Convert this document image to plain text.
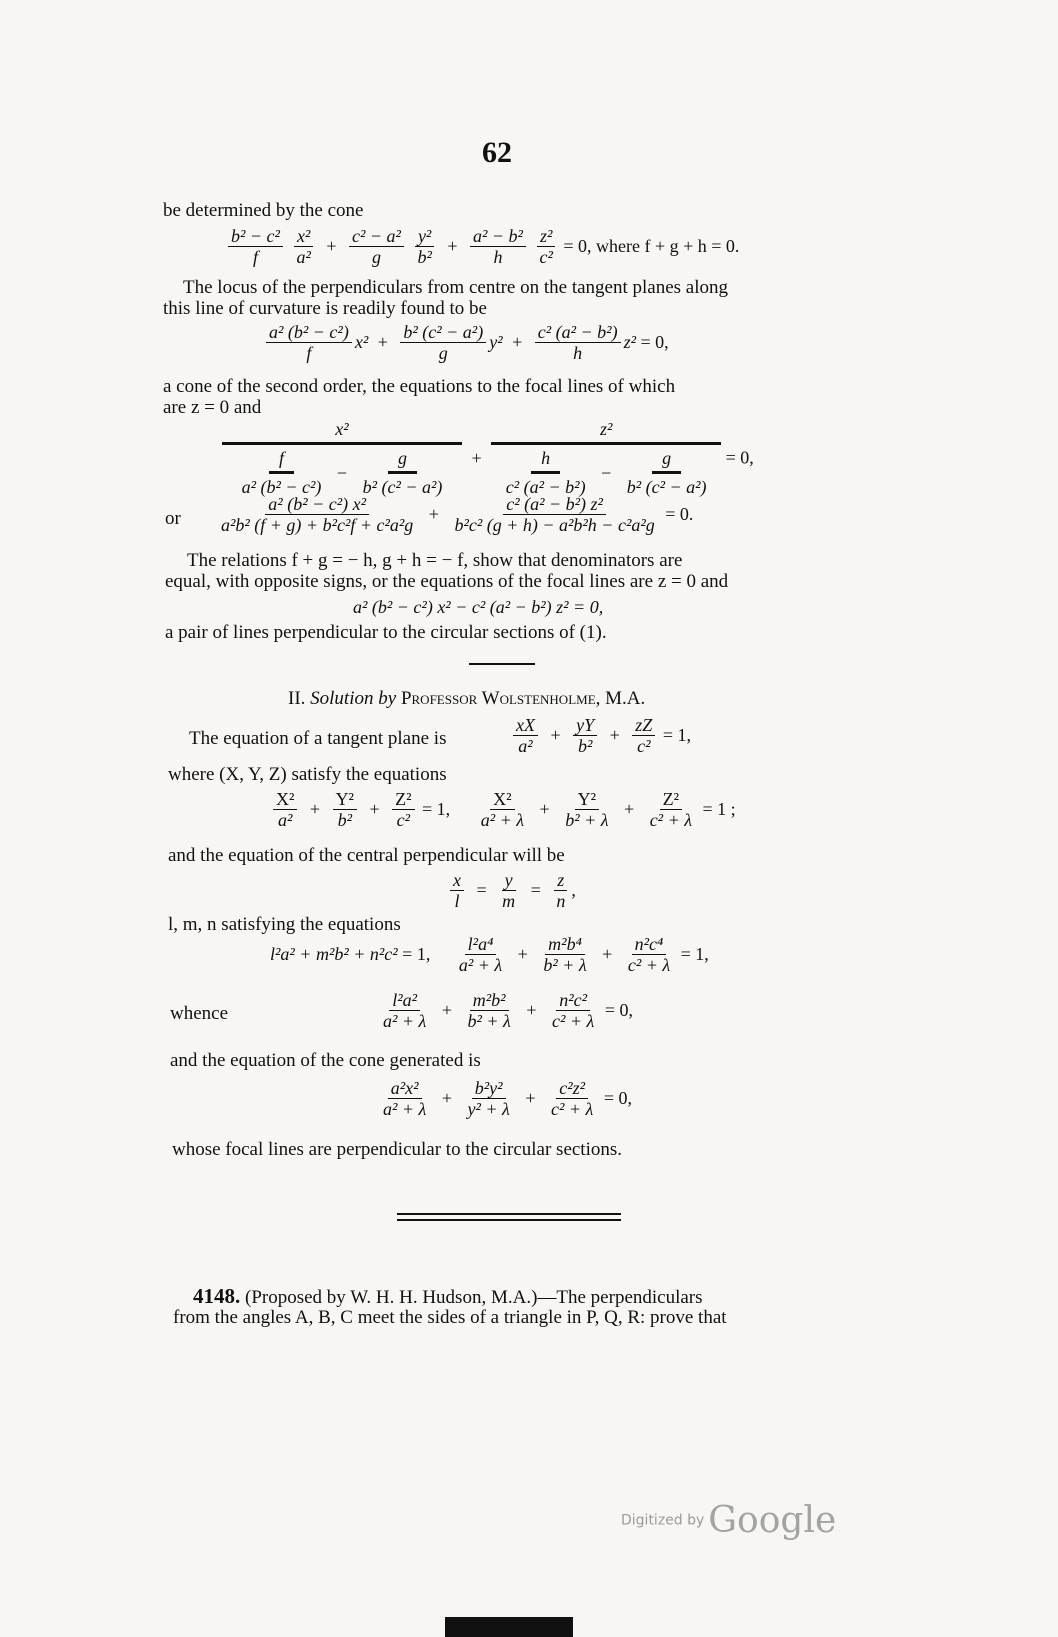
62
be determined by the cone
$\frac{\text{b² − c²}}{f}$
$\frac{\text{x²}}{\text{a²}} + \frac{\text{c² − a²}}{g}$
$\frac{\text{y²}}{\text{b²}} + \frac{\text{a² − b²}}{h}$
$\frac{\text{z²}}{\text{c²}} = 0$, where f + g + h = 0.
The locus of the perpendiculars from centre on the tangent planes along
this line of curvature is readily found to be
$\frac{\text{a² (b² − c²)}}{f} x^2 + \frac{\text{b² (c² − a²)}}{g} y^2 + \frac{\text{c² (a² − b²)}}{h} z^2 = 0$,
a cone of the second order, the equations to the focal lines of which
are z = 0 and
$\frac{\text{x²}}{\frac{f}{\text{a² (b² − c²)}} - \frac{g}{\text{b² (c² − a²)}}} + \frac{\text{z²}}{\frac{h}{\text{c² (a² − b²)}} - \frac{g}{\text{b² (c² − a²)}}} = 0$,
or $\frac{\text{a² (b² − c²) x²}}{\text{a²b² (f + g) + b²c²f + c²a²g}} + \frac{\text{c² (a² − b²) z²}}{\text{b²c² (g + h) − a²b²h − c²a²g}} = 0$.
The relations f + g = − h, g + h = − f, show that denominators are
equal, with opposite signs, or the equations of the focal lines are z = 0 and
a² (b² − c²) x² − c² (a² − b²) z² = 0,
a pair of lines perpendicular to the circular sections of (1).
II. Solution by Professor Wolstenholme, M.A.
The equation of a tangent plane is	$\frac{xX}{\text{a²}} + \frac{yY}{\text{b²}} + \frac{zZ}{\text{c²}} = 1$,
where (X, Y, Z) satisfy the equations
$\frac{\text{X²}}{\text{a²}} + \frac{\text{Y²}}{\text{b²}} + \frac{\text{Z²}}{\text{c²}} = 1$, $\frac{\text{X²}}{\text{a² + λ}} + \frac{\text{Y²}}{\text{b² + λ}} + \frac{\text{Z²}}{\text{c² + λ}} = 1$ ;
and the equation of the central perpendicular will be
$\frac{x}{l} = \frac{y}{m} = \frac{z}{n}$ ,
l, m, n satisfying the equations
l²a² + m²b² + n²c² = 1, $\frac{\text{l²a⁴}}{\text{a² + λ}} + \frac{\text{m²b⁴}}{\text{b² + λ}} + \frac{\text{n²c⁴}}{\text{c² + λ}} = 1$,
whence	$\frac{\text{l²a²}}{\text{a² + λ}} + \frac{\text{m²b²}}{\text{b² + λ}} + \frac{\text{n²c²}}{\text{c² + λ}} = 0$,
and the equation of the cone generated is
$\frac{\text{a²x²}}{\text{a² + λ}} + \frac{\text{b²y²}}{\text{y² + λ}} + \frac{\text{c²z²}}{\text{c² + λ}} = 0$,
whose focal lines are perpendicular to the circular sections.
4148. (Proposed by W. H. H. Hudson, M.A.)—The perpendiculars
from the angles A, B, C meet the sides of a triangle in P, Q, R: prove that
Digitized by Google
